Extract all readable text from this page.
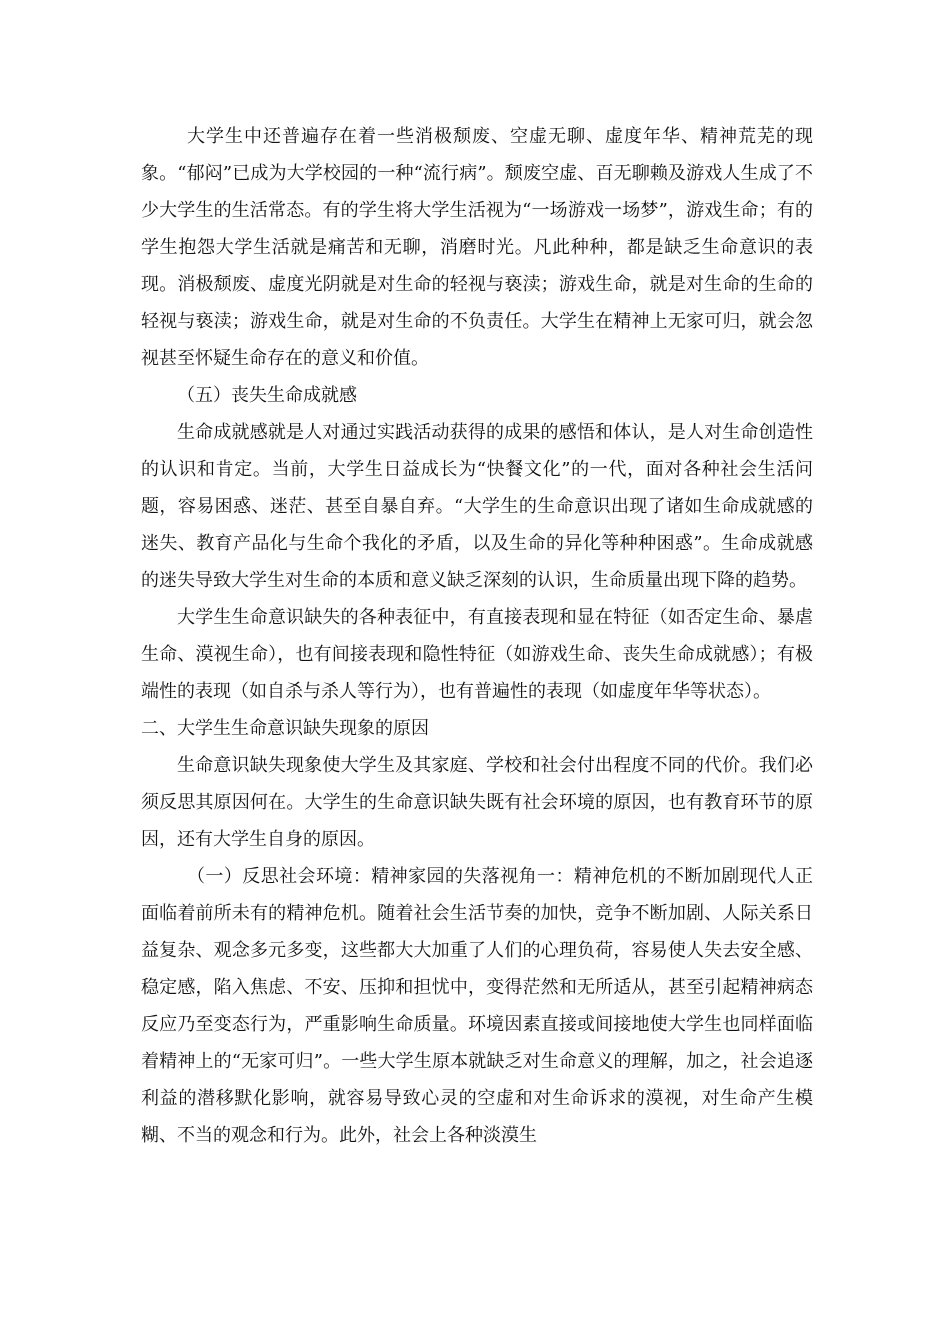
大学生中还普遍存在着一些消极颓废、空虚无聊、虚度年华、精神荒芜的现象。“郁闷”已成为大学校园的一种“流行病”。颓废空虚、百无聊赖及游戏人生成了不少大学生的生活常态。有的学生将大学生活视为“一场游戏一场梦”，游戏生命；有的学生抱怨大学生活就是痛苦和无聊，消磨时光。凡此种种，都是缺乏生命意识的表现。消极颓废、虚度光阴就是对生命的轻视与亵渎；游戏生命，就是对生命的生命的轻视与亵渎；游戏生命，就是对生命的不负责任。大学生在精神上无家可归，就会忽视甚至怀疑生命存在的意义和价值。

（五）丧失生命成就感

生命成就感就是人对通过实践活动获得的成果的感悟和体认，是人对生命创造性的认识和肯定。当前，大学生日益成长为“快餐文化”的一代，面对各种社会生活问题，容易困惑、迷茫、甚至自暴自弃。“大学生的生命意识出现了诸如生命成就感的迷失、教育产品化与生命个我化的矛盾，以及生命的异化等种种困惑”。生命成就感的迷失导致大学生对生命的本质和意义缺乏深刻的认识，生命质量出现下降的趋势。

大学生生命意识缺失的各种表征中，有直接表现和显在特征（如否定生命、暴虐生命、漠视生命），也有间接表现和隐性特征（如游戏生命、丧失生命成就感）；有极端性的表现（如自杀与杀人等行为），也有普遍性的表现（如虚度年华等状态）。

二、大学生生命意识缺失现象的原因

生命意识缺失现象使大学生及其家庭、学校和社会付出程度不同的代价。我们必须反思其原因何在。大学生的生命意识缺失既有社会环境的原因，也有教育环节的原因，还有大学生自身的原因。

（一）反思社会环境：精神家园的失落视角一：精神危机的不断加剧现代人正面临着前所未有的精神危机。随着社会生活节奏的加快，竞争不断加剧、人际关系日益复杂、观念多元多变，这些都大大加重了人们的心理负荷，容易使人失去安全感、稳定感，陷入焦虑、不安、压抑和担忧中，变得茫然和无所适从，甚至引起精神病态反应乃至变态行为，严重影响生命质量。环境因素直接或间接地使大学生也同样面临着精神上的“无家可归”。一些大学生原本就缺乏对生命意义的理解，加之，社会追逐利益的潜移默化影响，就容易导致心灵的空虚和对生命诉求的漠视，对生命产生模糊、不当的观念和行为。此外，社会上各种淡漠生
